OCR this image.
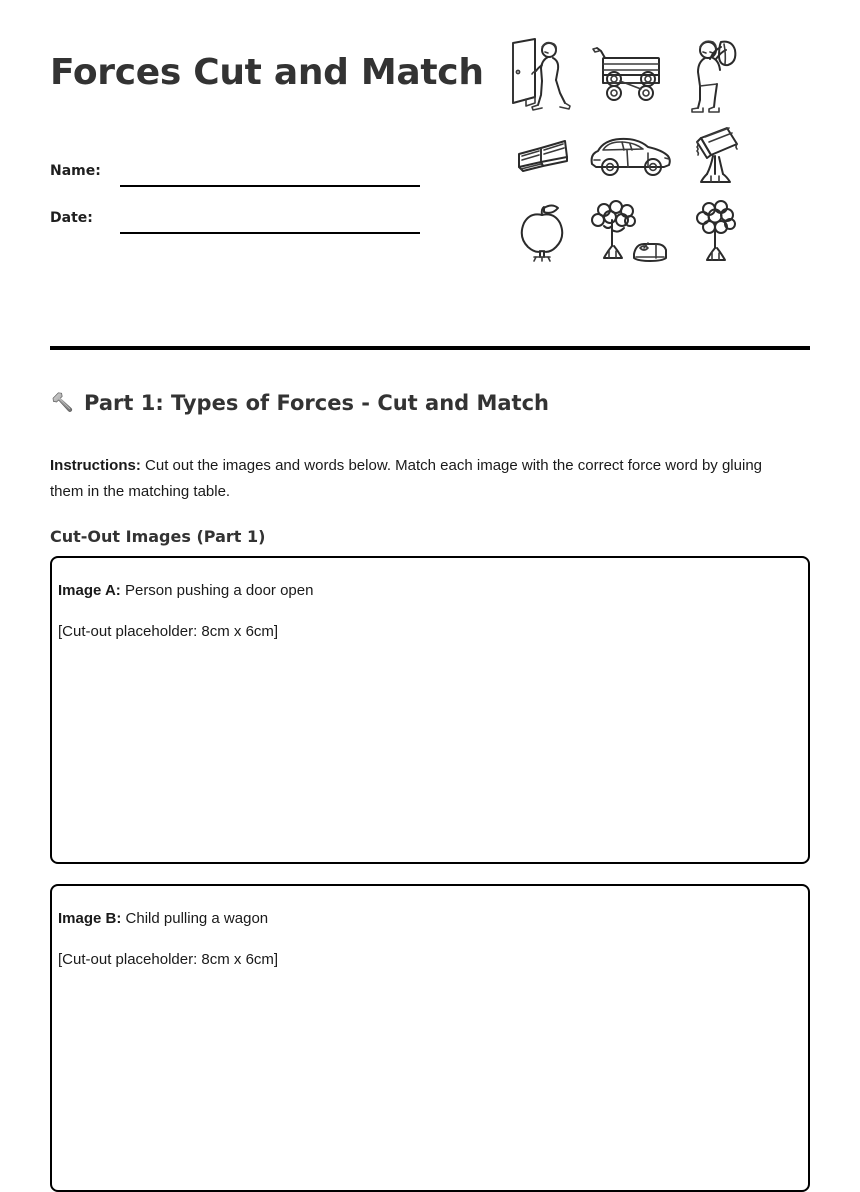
Forces Cut and Match
Name:
Date:
Part 1: Types of Forces - Cut and Match

Instructions: Cut out the images and words below. Match each image with the correct force word by gluing them in the matching table.

Cut-Out Images (Part 1)
Image A: Person pushing a door open
[Cut-out placeholder: 8cm x 6cm]
Image B: Child pulling a wagon
[Cut-out placeholder: 8cm x 6cm]
